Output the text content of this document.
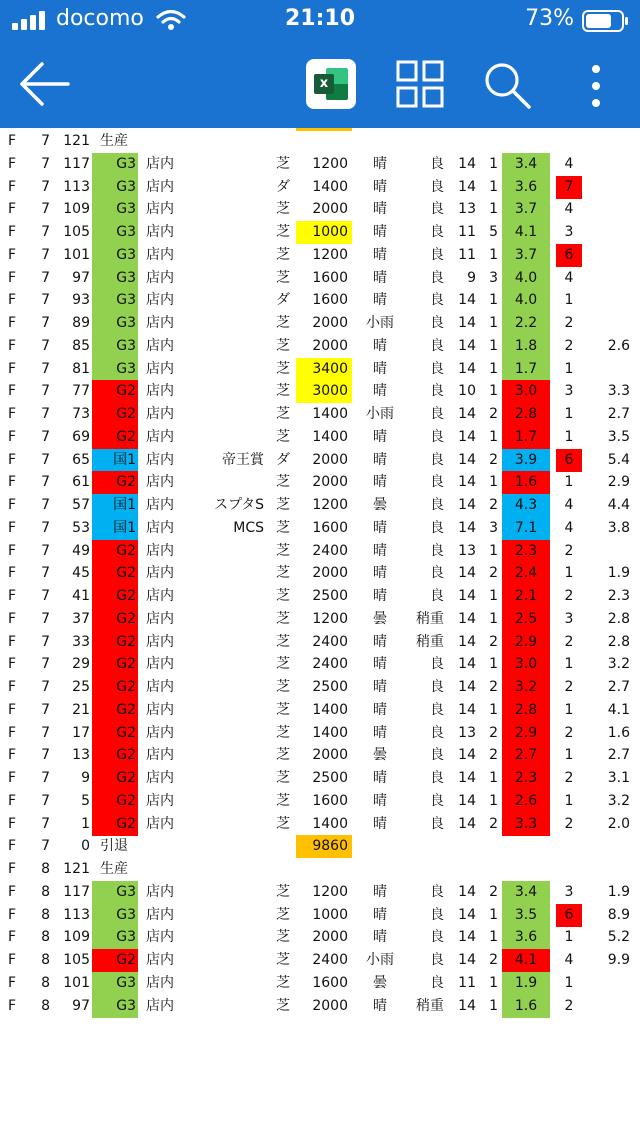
docomo	21:10	73%
x
F	7 121 生産
F	7 117	G3 店内	芝	1200	晴	良	14 1	3.4	4
F	7 113	G3 店内	ダ	1400	晴	良	14 1	3.6	7
F	7 109	G3 店内	芝	2000	晴	良	13 1	3.7	4
F	7 105	G3 店内	芝	1000	晴	良	11 5	4.1	3
F	7 101	G3 店内	芝	1200	晴	良	11 1	3.7	6
F	7	97	G3 店内	芝	1600	晴	良	9 3	4.0	4
F	7	93	G3 店内	ダ	1600	晴	良	14 1	4.0	1
F	7	89	G3 店内	芝	2000	小雨	良	14 1	2.2	2
F	7	85	G3 店内	芝	2000	晴	良	14 1	1.8	2	2.6
F	7	81	G3 店内	芝	3400	晴	良	14 1	1.7	1
F	7	77	G2 店内	芝	3000	晴	良	10 1	3.0	3	3.3
F	7	73	G2 店内	芝	1400	小雨	良	14 2	2.8	1	2.7
F	7	69	G2 店内	芝	1400	晴	良	14 1	1.7	1	3.5
F	7	65	国1 店内	帝王賞 ダ	2000	晴	良	14 2	3.9	6	5.4
F	7	61	G2 店内	芝	2000	晴	良	14 1	1.6	1	2.9
F	7	57	国1 店内	スプタS 芝	1200	曇	良	14 2	4.3	4	4.4
F	7	53	国1 店内	MCS 芝	1600	晴	良	14 3	7.1	4	3.8
F	7	49	G2 店内	芝	2400	晴	良	13 1	2.3	2
F	7	45	G2 店内	芝	2000	晴	良	14 2	2.4	1	1.9
F	7	41	G2 店内	芝	2500	晴	良	14 1	2.1	2	2.3
F	7	37	G2 店内	芝	1200	曇	稍重	14 1	2.5	3	2.8
F	7	33	G2 店内	芝	2400	晴	稍重	14 2	2.9	2	2.8
F	7	29	G2 店内	芝	2400	晴	良	14 1	3.0	1	3.2
F	7	25	G2 店内	芝	2500	晴	良	14 2	3.2	2	2.7
F	7	21	G2 店内	芝	1400	晴	良	14 1	2.8	1	4.1
F	7	17	G2 店内	芝	1400	晴	良	13 2	2.9	2	1.6
F	7	13	G2 店内	芝	2000	曇	良	14 2	2.7	1	2.7
F	7	9	G2 店内	芝	2500	晴	良	14 1	2.3	2	3.1
F	7	5	G2 店内	芝	1600	晴	良	14 1	2.6	1	3.2
F	7	1	G2 店内	芝	1400	晴	良	14 2	3.3	2	2.0
F	7	0 引退	9860
F	8 121 生産
F	8 117	G3 店内	芝	1200	晴	良	14 2	3.4	3	1.9
F	8 113	G3 店内	芝	1000	晴	良	14 1	3.5	6	8.9
F	8 109	G3 店内	芝	2000	晴	良	14 1	3.6	1	5.2
F	8 105	G2 店内	芝	2400	小雨	良	14 2	4.1	4	9.9
F	8 101	G3 店内	芝	1600	曇	良	11 1	1.9	1
F	8	97	G3 店内	芝	2000	晴	稍重	14 1	1.6	2
